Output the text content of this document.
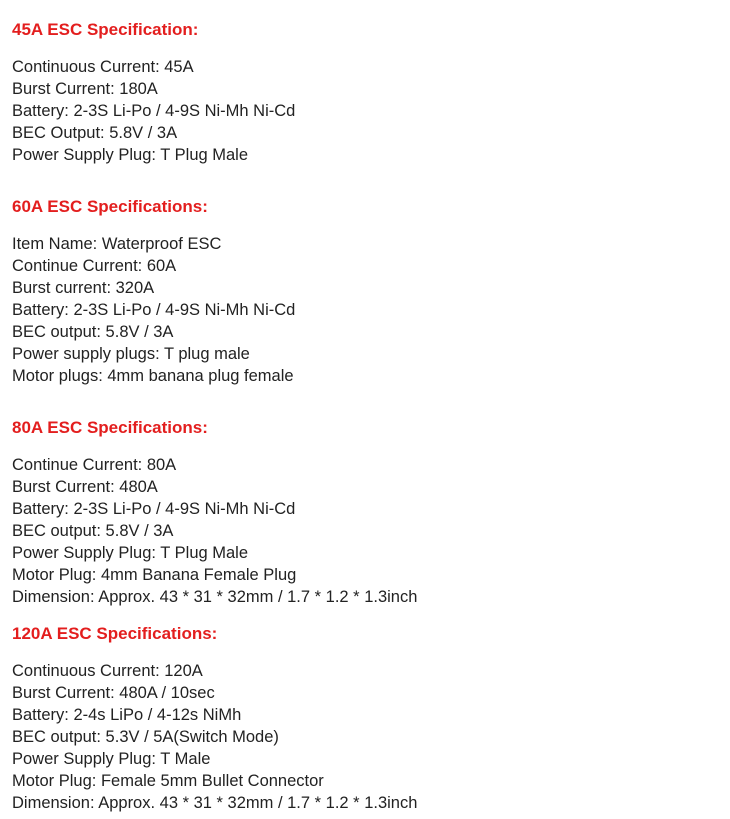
45A ESC Specification:
Continuous Current: 45A
Burst Current: 180A
Battery: 2-3S Li-Po / 4-9S Ni-Mh Ni-Cd
BEC Output: 5.8V / 3A
Power Supply Plug: T Plug Male
60A ESC Specifications:
Item Name: Waterproof ESC
Continue Current: 60A
Burst current: 320A
Battery: 2-3S Li-Po / 4-9S Ni-Mh Ni-Cd
BEC output: 5.8V / 3A
Power supply plugs: T plug male
Motor plugs: 4mm banana plug female
80A ESC Specifications:
Continue Current: 80A
Burst Current: 480A
Battery: 2-3S Li-Po / 4-9S Ni-Mh Ni-Cd
BEC output: 5.8V / 3A
Power Supply Plug: T Plug Male
Motor Plug: 4mm Banana Female Plug
Dimension: Approx. 43 * 31 * 32mm / 1.7 * 1.2 * 1.3inch
120A ESC Specifications:
Continuous Current: 120A
Burst Current: 480A / 10sec
Battery: 2-4s LiPo / 4-12s NiMh
BEC output: 5.3V / 5A(Switch Mode)
Power Supply Plug: T Male
Motor Plug: Female 5mm Bullet Connector
Dimension: Approx. 43 * 31 * 32mm / 1.7 * 1.2 * 1.3inch
